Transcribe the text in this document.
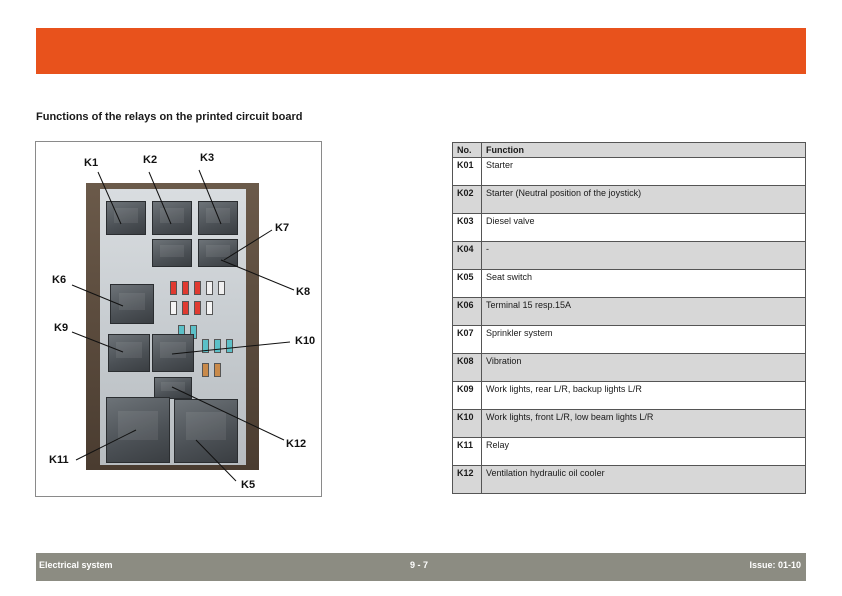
Functions of the relays on the printed circuit board
K1	K2	K3
K7
K6
K8
K9
K10
K12
K11
K5
No.	Function
K01	Starter
K02	Starter (Neutral position of the joystick)
K03	Diesel valve
K04	-
K05	Seat switch
K06	Terminal 15 resp.15A
K07	Sprinkler system
K08	Vibration
K09	Work lights, rear L/R, backup lights L/R
K10	Work lights, front L/R, low beam lights L/R
K11	Relay
K12	Ventilation hydraulic oil cooler
Electrical system	9 - 7	Issue: 01-10
